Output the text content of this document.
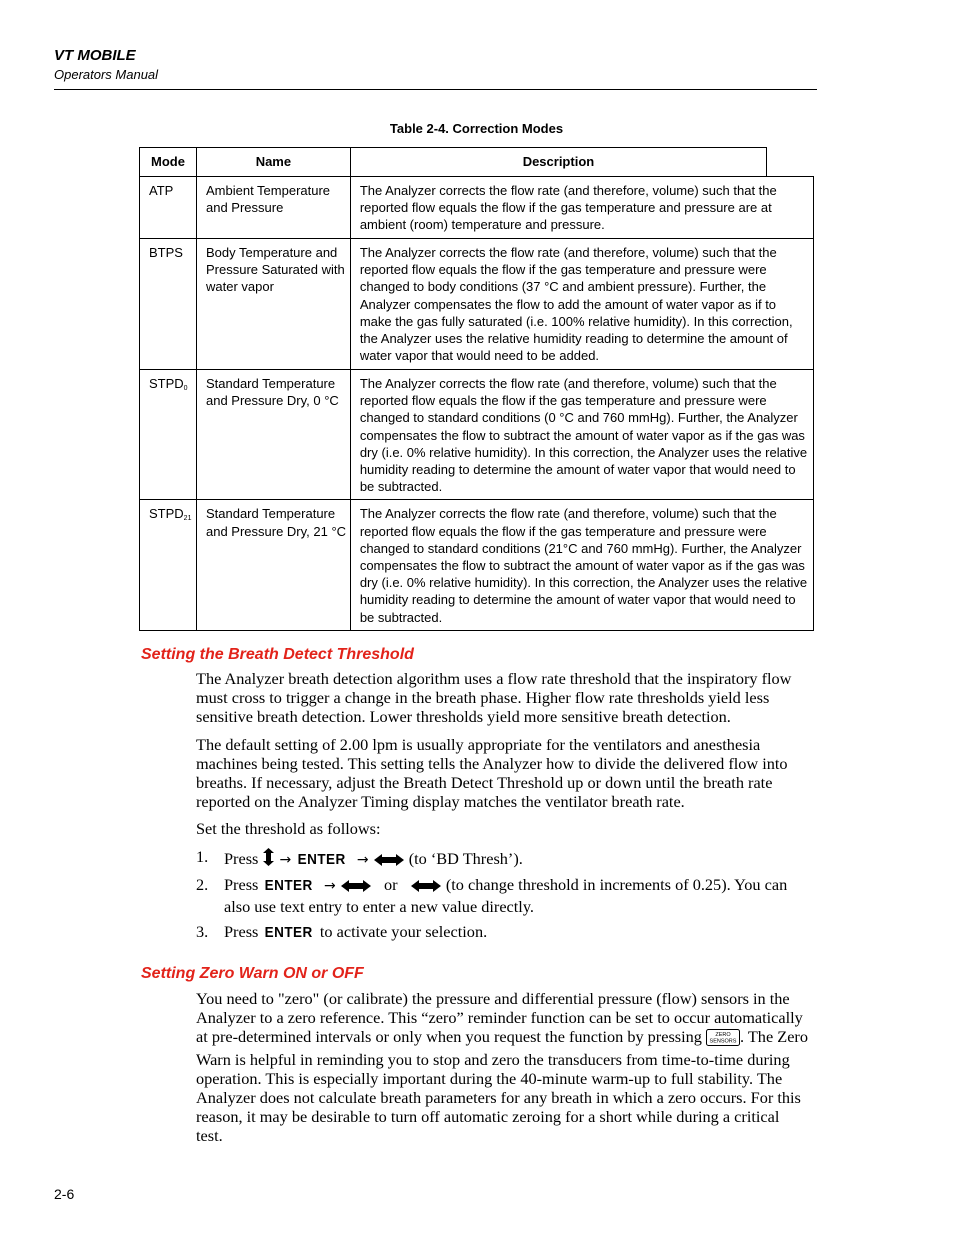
VT MOBILE
Operators Manual
Table 2-4. Correction Modes
Mode	Name	Description	
ATP	Ambient Temperature and Pressure	The Analyzer corrects the flow rate (and therefore, volume) such that the reported flow equals the flow if the gas temperature and pressure are at ambient (room) temperature and pressure.	
BTPS	Body Temperature and Pressure Saturated with water vapor	The Analyzer corrects the flow rate (and therefore, volume) such that the reported flow equals the flow if the gas temperature and pressure were changed to body conditions (37 °C and ambient pressure). Further, the Analyzer compensates the flow to add the amount of water vapor as if to make the gas fully saturated (i.e. 100% relative humidity). In this correction, the Analyzer uses the relative humidity reading to determine the amount of water vapor that would need to be added.	
$STPD_0$	Standard Temperature and Pressure Dry, 0 °C	The Analyzer corrects the flow rate (and therefore, volume) such that the reported flow equals the flow if the gas temperature and pressure were changed to standard conditions (0 °C and 760 mmHg). Further, the Analyzer compensates the flow to subtract the amount of water vapor as if the gas was dry (i.e. 0% relative humidity). In this correction, the Analyzer uses the relative humidity reading to determine the amount of water vapor that would need to be subtracted.	
$STPD_{21}$	Standard Temperature and Pressure Dry, 21 °C	The Analyzer corrects the flow rate (and therefore, volume) such that the reported flow equals the flow if the gas temperature and pressure were changed to standard conditions (21°C and 760 mmHg). Further, the Analyzer compensates the flow to subtract the amount of water vapor as if the gas was dry (i.e. 0% relative humidity). In this correction, the Analyzer uses the relative humidity reading to determine the amount of water vapor that would need to be subtracted.	
Setting the Breath Detect Threshold
The Analyzer breath detection algorithm uses a flow rate threshold that the inspiratory flow must cross to trigger a change in the breath phase. Higher flow rate thresholds yield less sensitive breath detection. Lower thresholds yield more sensitive breath detection.
The default setting of 2.00 lpm is usually appropriate for the ventilators and anesthesia machines being tested. This setting tells the Analyzer how to divide the delivered flow into breaths. If necessary, adjust the Breath Detect Threshold up or down until the breath rate reported on the Analyzer Timing display matches the ventilator breath rate.
Set the threshold as follows:
1. Press → ENTER → (to ‘BD Thresh’).
2. Press ENTER →	or	(to change threshold in increments of 0.25). You can
also use text entry to enter a new value directly.
3. Press ENTER to activate your selection.
Setting Zero Warn ON or OFF
You need to "zero" (or calibrate) the pressure and differential pressure (flow) sensors in the Analyzer to a zero reference. This “zero” reminder function can be set to occur automatically at pre-determined intervals or only when you request the function by pressing ZERO
SENSORS . The Zero Warn is helpful in reminding you to stop and zero the transducers from time-to-time during operation. This is especially important during the 40-minute warm-up to full stability. The Analyzer does not calculate breath parameters for any breath in which a zero occurs. For this reason, it may be desirable to turn off automatic zeroing for a short while during a critical test.
2-6
